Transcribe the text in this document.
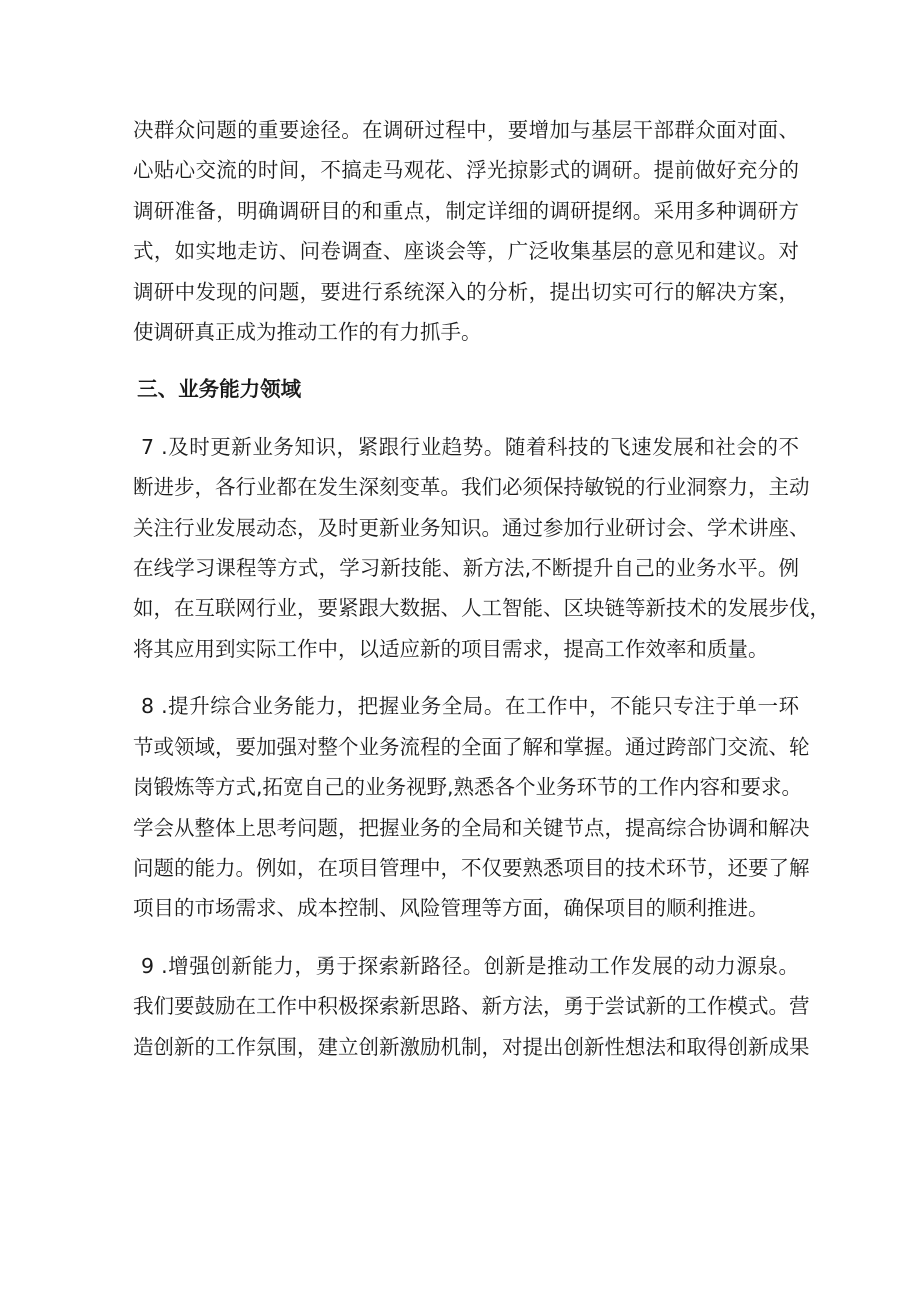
决群众问题的重要途径。在调研过程中，要增加与基层干部群众面对面、
心贴心交流的时间，不搞走马观花、浮光掠影式的调研。提前做好充分的
调研准备，明确调研目的和重点，制定详细的调研提纲。采用多种调研方
式，如实地走访、问卷调查、座谈会等，广泛收集基层的意见和建议。对
调研中发现的问题，要进行系统深入的分析，提出切实可行的解决方案，
使调研真正成为推动工作的有力抓手。
三、业务能力领域
7 .及时更新业务知识，紧跟行业趋势。随着科技的飞速发展和社会的不
断进步，各行业都在发生深刻变革。我们必须保持敏锐的行业洞察力，主动
关注行业发展动态，及时更新业务知识。通过参加行业研讨会、学术讲座、
在线学习课程等方式，学习新技能、新方法,不断提升自己的业务水平。例
如，在互联网行业，要紧跟大数据、人工智能、区块链等新技术的发展步伐，
将其应用到实际工作中，以适应新的项目需求，提高工作效率和质量。
8 .提升综合业务能力，把握业务全局。在工作中，不能只专注于单一环
节或领域，要加强对整个业务流程的全面了解和掌握。通过跨部门交流、轮
岗锻炼等方式,拓宽自己的业务视野,熟悉各个业务环节的工作内容和要求。
学会从整体上思考问题，把握业务的全局和关键节点，提高综合协调和解决
问题的能力。例如，在项目管理中，不仅要熟悉项目的技术环节，还要了解
项目的市场需求、成本控制、风险管理等方面，确保项目的顺利推进。
9 .增强创新能力，勇于探索新路径。创新是推动工作发展的动力源泉。
我们要鼓励在工作中积极探索新思路、新方法，勇于尝试新的工作模式。营
造创新的工作氛围，建立创新激励机制，对提出创新性想法和取得创新成果
